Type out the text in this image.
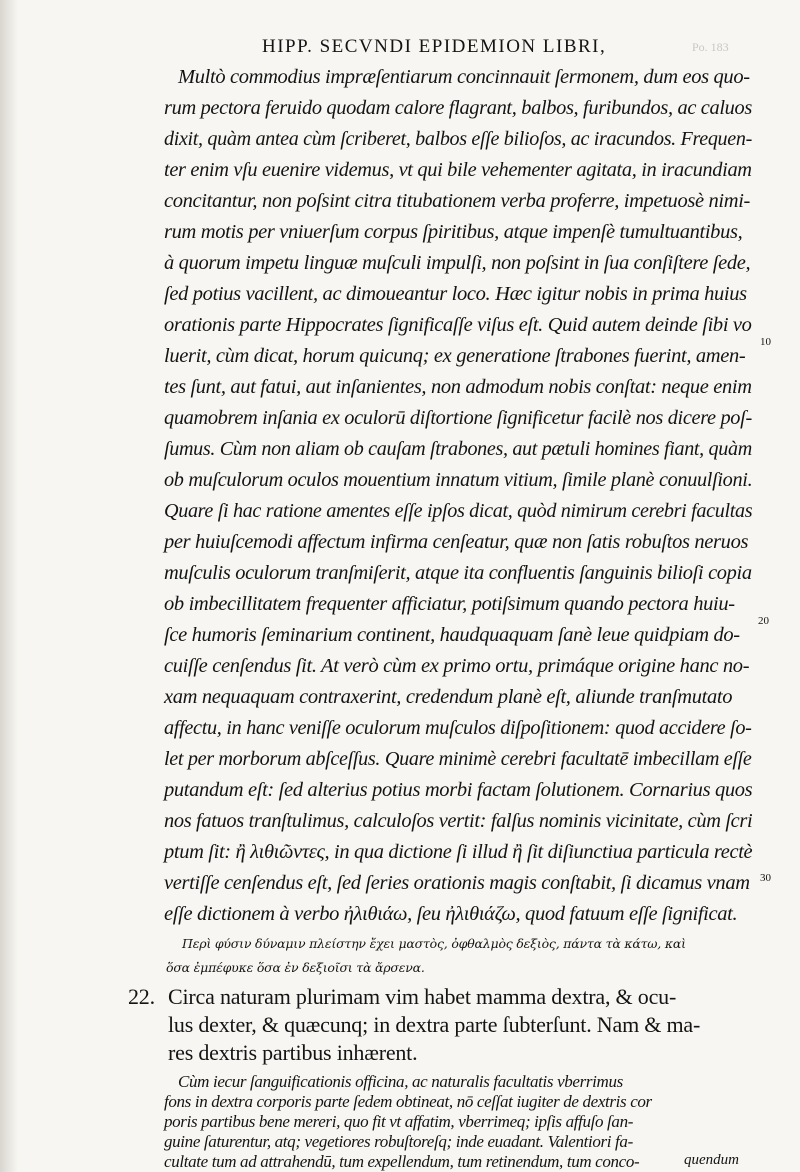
HIPP. SECVNDI EPIDEMION LIBRI,	Po. 183
Multò commodius impræſentiarum concinnauit ſermonem, dum eos quo-
rum pectora feruido quodam calore flagrant, balbos, furibundos, ac caluos
dixit, quàm antea cùm ſcriberet, balbos eſſe bilioſos, ac iracundos. Frequen-
ter enim vſu euenire videmus, vt qui bile vehementer agitata, in iracundiam
concitantur, non poſsint citra titubationem verba proferre, impetuosè nimi-
rum motis per vniuerſum corpus ſpiritibus, atque impenſè tumultuantibus,
à quorum impetu linguæ muſculi impulſi, non poſsint in ſua conſiſtere ſede,
ſed potius vacillent, ac dimoueantur loco. Hæc igitur nobis in prima huius
orationis parte Hippocrates ſignificaſſe viſus eſt. Quid autem deinde ſibi vo
luerit, cùm dicat, horum quicunq; ex generatione ſtrabones fuerint, amen-
tes ſunt, aut fatui, aut inſanientes, non admodum nobis conſtat: neque enim
quamobrem inſania ex oculorū diſtortione ſignificetur facilè nos dicere poſ-
ſumus. Cùm non aliam ob cauſam ſtrabones, aut pætuli homines fiant, quàm
ob muſculorum oculos mouentium innatum vitium, ſimile planè conuulſioni.
Quare ſi hac ratione amentes eſſe ipſos dicat, quòd nimirum cerebri facultas
per huiuſcemodi affectum infirma cenſeatur, quæ non ſatis robuſtos neruos
muſculis oculorum tranſmiſerit, atque ita confluentis ſanguinis bilioſi copia
ob imbecillitatem frequenter afficiatur, potiſsimum quando pectora huiu-
ſce humoris ſeminarium continent, haudquaquam ſanè leue quidpiam do-
cuiſſe cenſendus ſit. At verò cùm ex primo ortu, primáque origine hanc no-
xam nequaquam contraxerint, credendum planè eſt, aliunde tranſmutato
affectu, in hanc veniſſe oculorum muſculos diſpoſitionem: quod accidere ſo-
let per morborum abſceſſus. Quare minimè cerebri facultatē imbecillam eſſe
putandum eſt: ſed alterius potius morbi factam ſolutionem. Cornarius quos
nos fatuos tranſtulimus, calculoſos vertit: falſus nominis vicinitate, cùm ſcri
ptum ſit: ἢ λιθιῶντες, in qua dictione ſi illud ἢ ſit diſiunctiua particula rectè
vertiſſe cenſendus eſt, ſed ſeries orationis magis conſtabit, ſi dicamus vnam
eſſe dictionem à verbo ἠλιθιάω, ſeu ἠλιθιάζω, quod fatuum eſſe ſignificat.
Περὶ φύσιν δύναμιν πλείστην ἔχει μαστὸς, ὀφθαλμὸς δεξιὸς, πάντα τὰ κάτω, καὶ
ὅσα ἐμπέφυκε ὅσα ἐν δεξιοῖσι τὰ ἄρσενα.
22. Circa naturam plurimam vim habet mamma dextra, & ocu-
lus dexter, & quæcunq; in dextra parte ſubterſunt. Nam & ma-
res dextris partibus inhærent.
Cùm iecur ſanguificationis officina, ac naturalis facultatis vberrimus
fons in dextra corporis parte ſedem obtineat, nō ceſſat iugiter de dextris cor
poris partibus bene mereri, quo fit vt affatim, vberrimeq; ipſis affuſo ſan-
guine ſaturentur, atq; vegetiores robuſtoreſq; inde euadant. Valentiori fa-
cultate tum ad attrahendū, tum expellendum, tum retinendum, tum conco-
10
20
30
quendum
